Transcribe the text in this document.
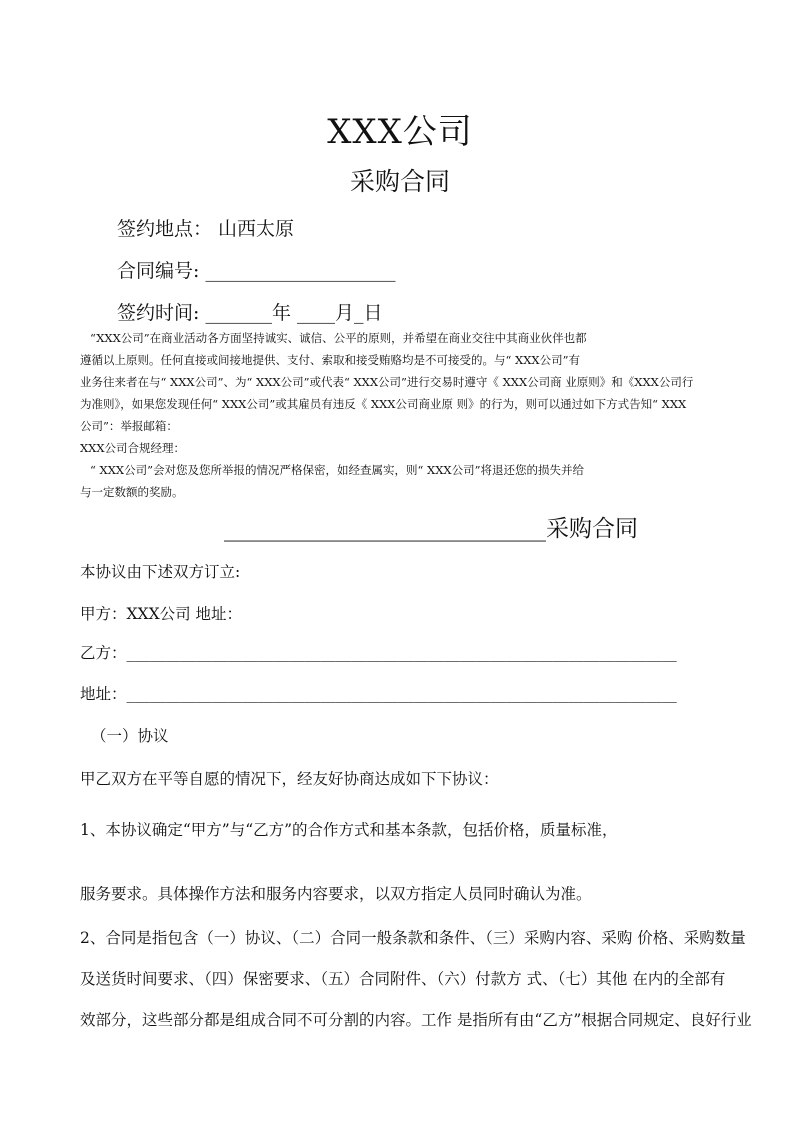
XXX公司
采购合同
签约地点： 山西太原
合同编号: ____________________
签约时间: _______年 ____月_日
“XXX公司”在商业活动各方面坚持诚实、诚信、公平的原则，并希望在商业交往中其商业伙伴也都
遵循以上原则。任何直接或间接地提供、支付、索取和接受贿赂均是不可接受的。与“ XXX公司”有
业务往来者在与“ XXX公司”、为“ XXX公司”或代表“ XXX公司”进行交易时遵守《 XXX公司商 业原则》和《XXX公司行
为准则》，如果您发现任何“ XXX公司”或其雇员有违反《 XXX公司商业原 则》的行为，则可以通过如下方式告知“ XXX
公司”：举报邮箱：
XXX公司合规经理：
“ XXX公司”会对您及您所举报的情况严格保密，如经查属实，则“ XXX公司”将退还您的损失并给
与一定数额的奖励。
____________________________采购合同
本协议由下述双方订立:
甲方：XXX公司 地址：
乙方：_______________________________________________________________________
地址：_______________________________________________________________________
（一）协议
甲乙双方在平等自愿的情况下，经友好协商达成如下下协议：
1、本协议确定“甲方”与“乙方”的合作方式和基本条款，包括价格，质量标准，
服务要求。具体操作方法和服务内容要求，以双方指定人员同时确认为准。
2、合同是指包含（一）协议、（二）合同一般条款和条件、（三）采购内容、采购 价格、采购数量
及送货时间要求、（四）保密要求、（五）合同附件、（六）付款方 式、（七）其他 在内的全部有
效部分，这些部分都是组成合同不可分割的内容。工作 是指所有由“乙方”根据合同规定、良好行业
